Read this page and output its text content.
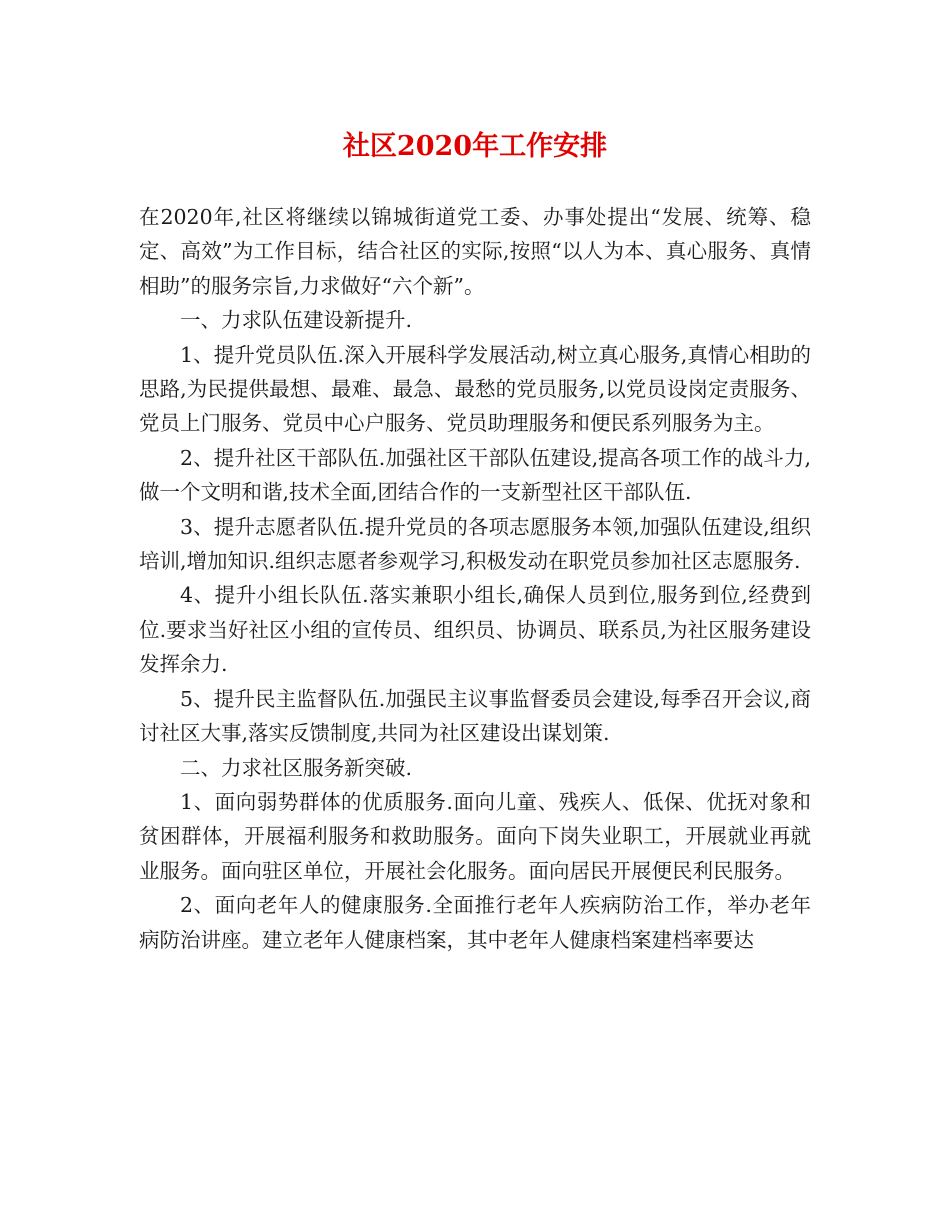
社区2020年工作安排

在2020年,社区将继续以锦城街道党工委、办事处提出“发展、统筹、稳定、高效”为工作目标，结合社区的实际,按照“以人为本、真心服务、真情相助”的服务宗旨,力求做好“六个新”。

一、力求队伍建设新提升.

1、提升党员队伍.深入开展科学发展活动,树立真心服务,真情心相助的思路,为民提供最想、最难、最急、最愁的党员服务,以党员设岗定责服务、党员上门服务、党员中心户服务、党员助理服务和便民系列服务为主。

2、提升社区干部队伍.加强社区干部队伍建设,提高各项工作的战斗力,做一个文明和谐,技术全面,团结合作的一支新型社区干部队伍.

3、提升志愿者队伍.提升党员的各项志愿服务本领,加强队伍建设,组织培训,增加知识.组织志愿者参观学习,积极发动在职党员参加社区志愿服务.

4、提升小组长队伍.落实兼职小组长,确保人员到位,服务到位,经费到位.要求当好社区小组的宣传员、组织员、协调员、联系员,为社区服务建设发挥余力.

5、提升民主监督队伍.加强民主议事监督委员会建设,每季召开会议,商讨社区大事,落实反馈制度,共同为社区建设出谋划策.

二、力求社区服务新突破.

1、面向弱势群体的优质服务.面向儿童、残疾人、低保、优抚对象和贫困群体，开展福利服务和救助服务。面向下岗失业职工，开展就业再就业服务。面向驻区单位，开展社会化服务。面向居民开展便民利民服务。

2、面向老年人的健康服务.全面推行老年人疾病防治工作，举办老年病防治讲座。建立老年人健康档案，其中老年人健康档案建档率要达
